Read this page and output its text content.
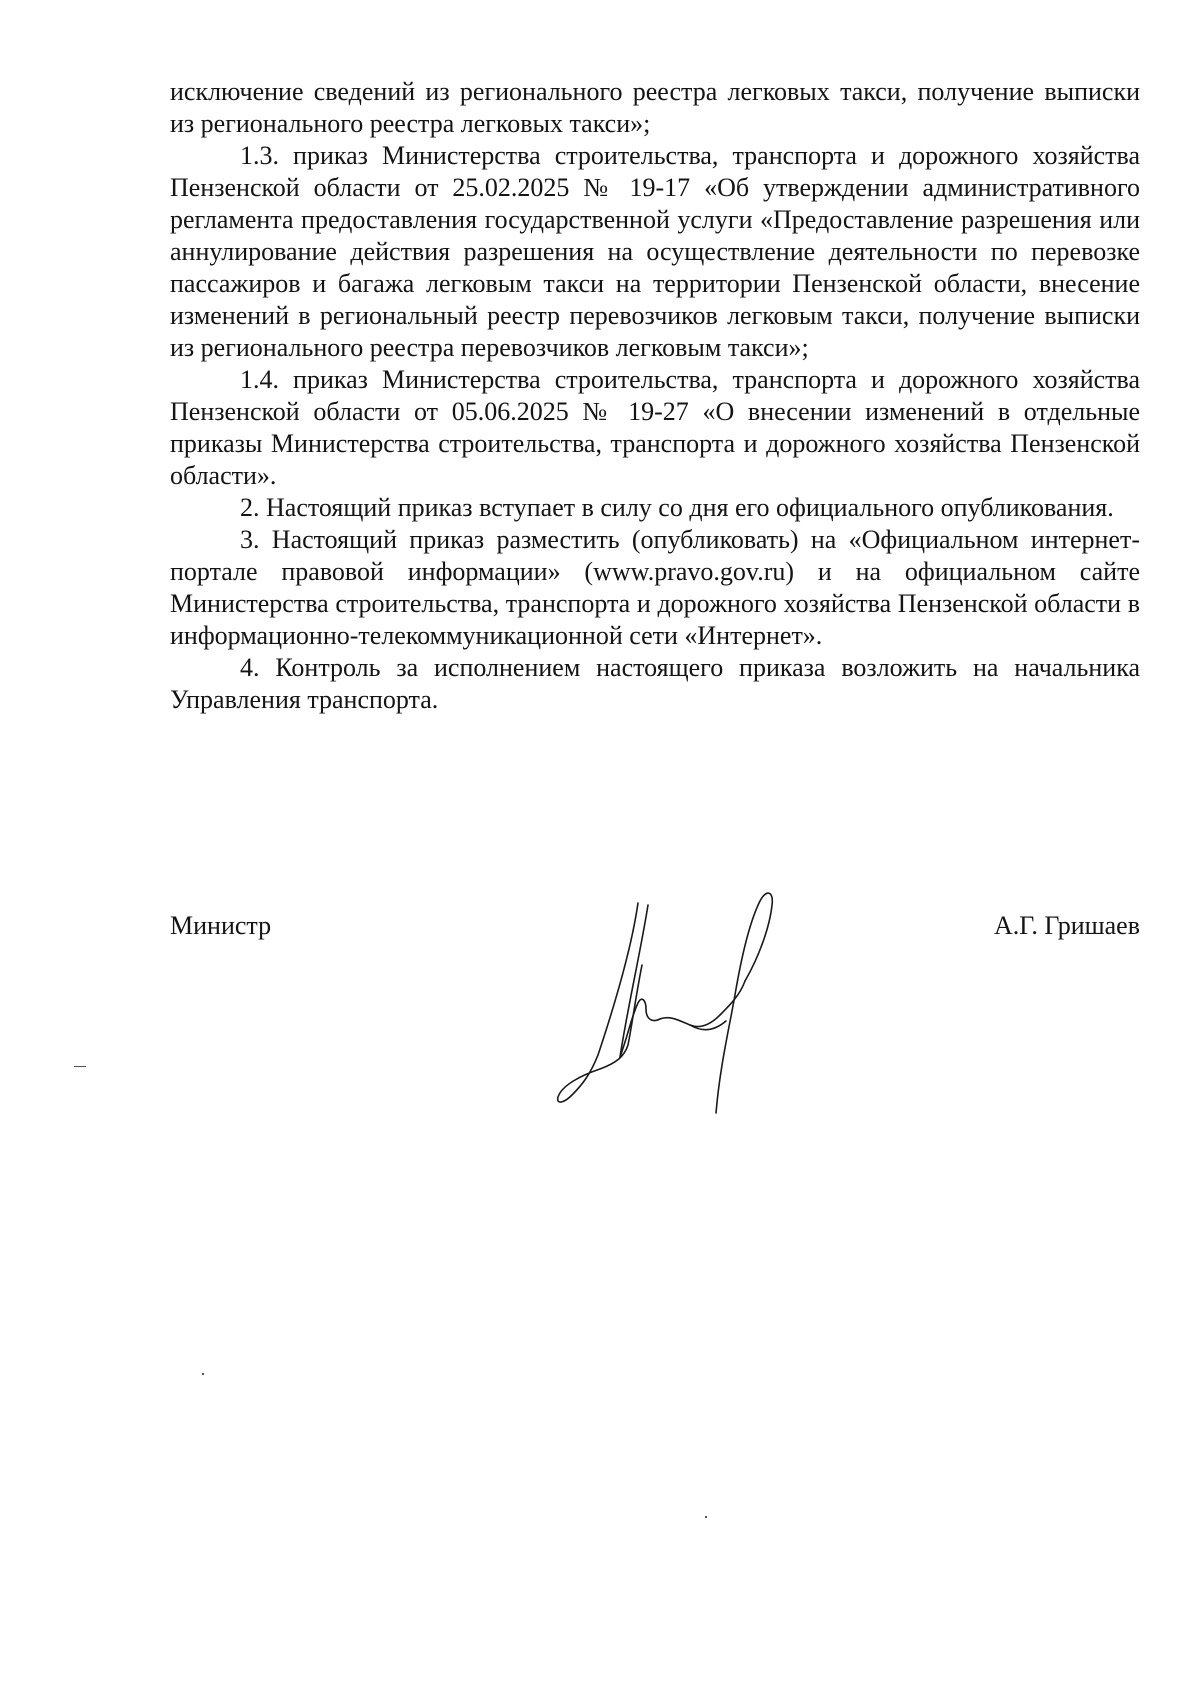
исключение сведений из регионального реестра легковых такси, получение выписки из регионального реестра легковых такси»;

1.3. приказ Министерства строительства, транспорта и дорожного хозяйства Пензенской области от 25.02.2025 № 19-17 «Об утверждении административного регламента предоставления государственной услуги «Предоставление разрешения или аннулирование действия разрешения на осуществление деятельности по перевозке пассажиров и багажа легковым такси на территории Пензенской области, внесение изменений в региональный реестр перевозчиков легковым такси, получение выписки из регионального реестра перевозчиков легковым такси»;

1.4. приказ Министерства строительства, транспорта и дорожного хозяйства Пензенской области от 05.06.2025 № 19-27 «О внесении изменений в отдельные приказы Министерства строительства, транспорта и дорожного хозяйства Пензенской области».

2. Настоящий приказ вступает в силу со дня его официального опубликования.

3. Настоящий приказ разместить (опубликовать) на «Официальном интернет-портале правовой информации» (www.pravo.gov.ru) и на официальном сайте Министерства строительства, транспорта и дорожного хозяйства Пензенской области в информационно-телекоммуникационной сети «Интернет».

4. Контроль за исполнением настоящего приказа возложить на начальника Управления транспорта.

Министр	А.Г. Гришаев
